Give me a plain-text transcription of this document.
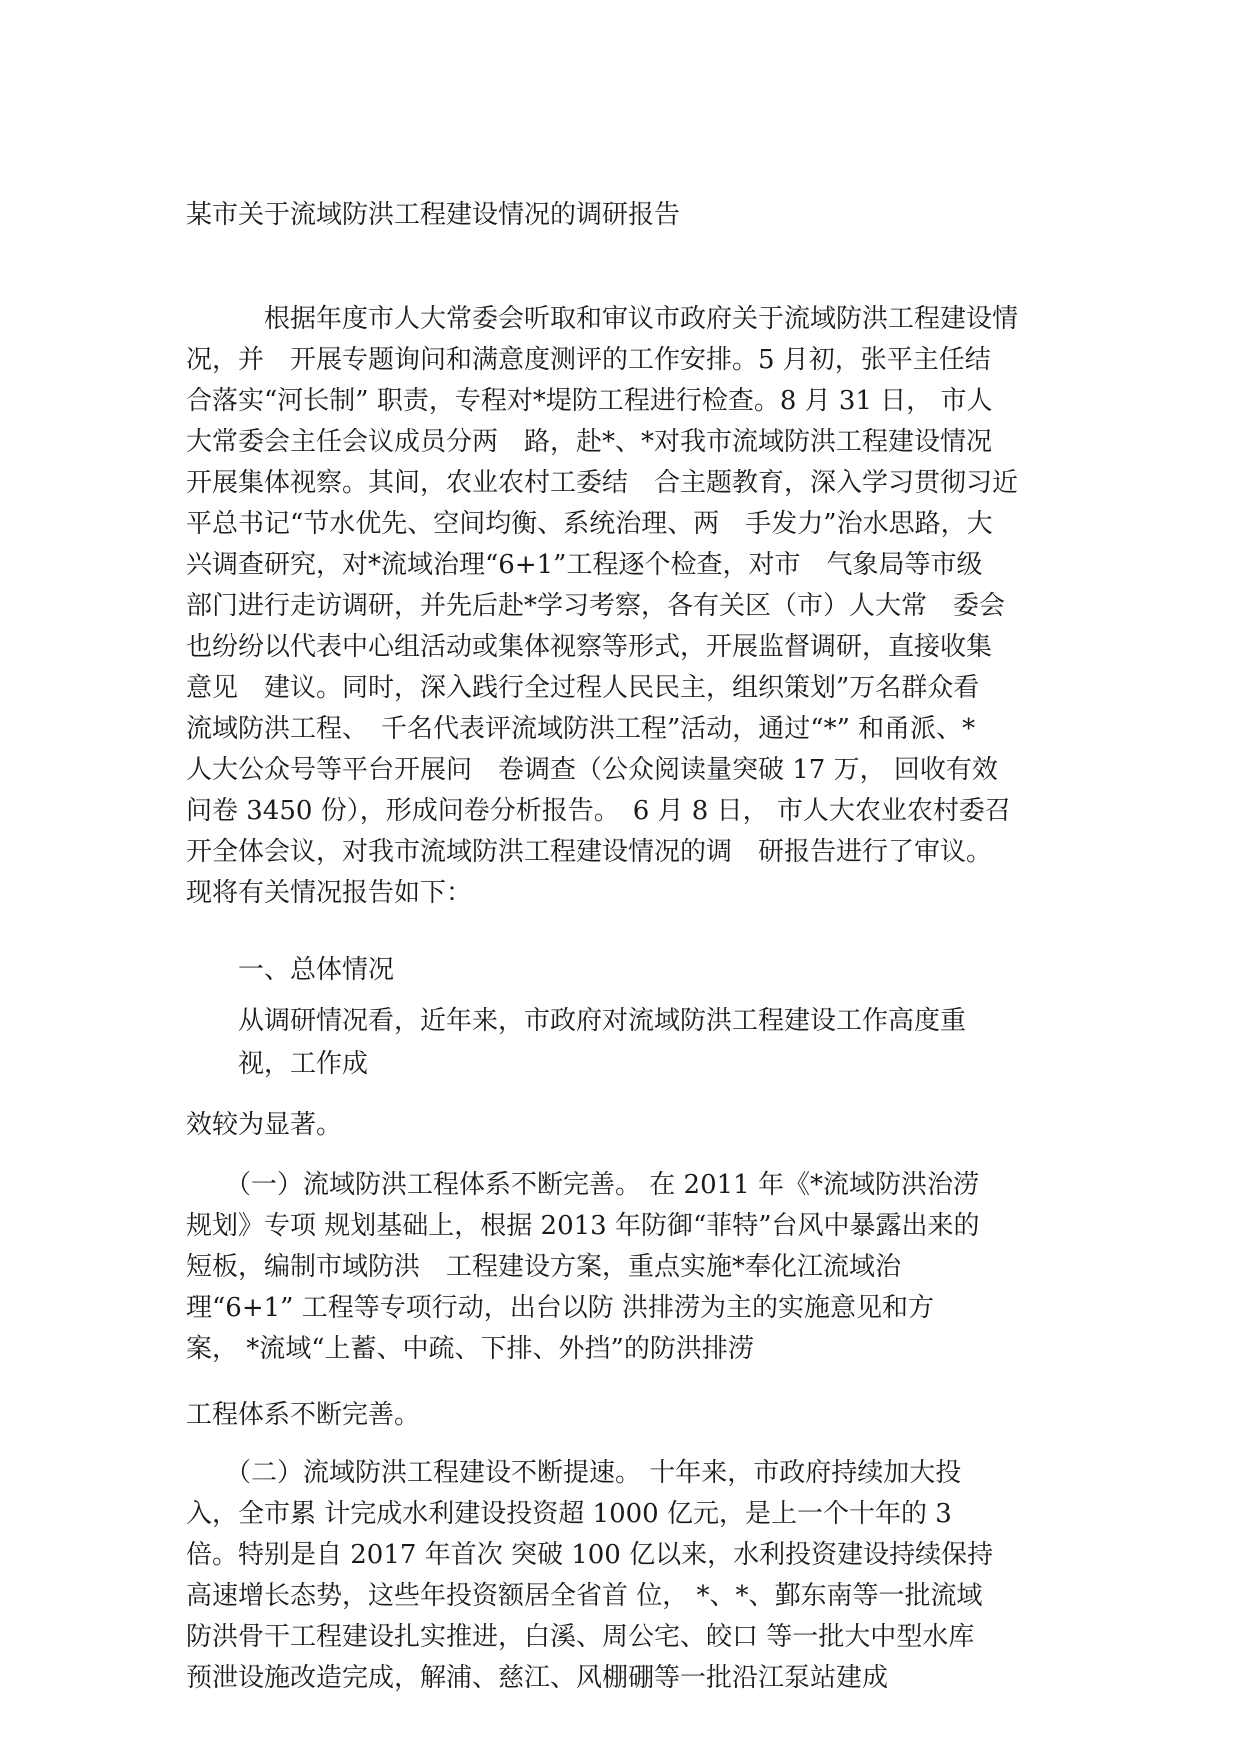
某市关于流域防洪工程建设情况的调研报告

　　　根据年度市人大常委会听取和审议市政府关于流域防洪工程建设情
况，并　开展专题询问和满意度测评的工作安排。5 月初，张平主任结
合落实“河长制” 职责，专程对*堤防工程进行检查。8 月 31 日， 市人
大常委会主任会议成员分两　路，赴*、*对我市流域防洪工程建设情况
开展集体视察。其间，农业农村工委结　合主题教育，深入学习贯彻习近
平总书记“节水优先、空间均衡、系统治理、两　手发力”治水思路，大
兴调查研究，对*流域治理“6+1”工程逐个检查，对市　气象局等市级
部门进行走访调研，并先后赴*学习考察，各有关区（市）人大常　委会
也纷纷以代表中心组活动或集体视察等形式，开展监督调研，直接收集
意见　建议。同时，深入践行全过程人民民主，组织策划”万名群众看
流域防洪工程、　千名代表评流域防洪工程”活动，通过“*” 和甬派、*
人大公众号等平台开展问　卷调查（公众阅读量突破 17 万， 回收有效
问卷 3450 份），形成问卷分析报告。　6 月 8 日， 市人大农业农村委召
开全体会议，对我市流域防洪工程建设情况的调　研报告进行了审议。
现将有关情况报告如下：

一、总体情况

从调研情况看，近年来，市政府对流域防洪工程建设工作高度重
视，工作成

效较为显著。

　　（一）流域防洪工程体系不断完善。 在 2011 年《*流域防洪治涝
规划》专项 规划基础上，根据 2013 年防御“菲特”台风中暴露出来的
短板，编制市域防洪　工程建设方案，重点实施*奉化江流域治
理“6+1” 工程等专项行动，出台以防 洪排涝为主的实施意见和方
案， *流域“上蓄、中疏、下排、外挡”的防洪排涝

工程体系不断完善。

　　（二）流域防洪工程建设不断提速。 十年来，市政府持续加大投
入，全市累 计完成水利建设投资超 1000 亿元，是上一个十年的 3
倍。特别是自 2017 年首次 突破 100 亿以来，水利投资建设持续保持
高速增长态势，这些年投资额居全省首 位， *、*、鄞东南等一批流域
防洪骨干工程建设扎实推进，白溪、周公宅、皎口 等一批大中型水库
预泄设施改造完成，解浦、慈江、风棚硼等一批沿江泵站建成
